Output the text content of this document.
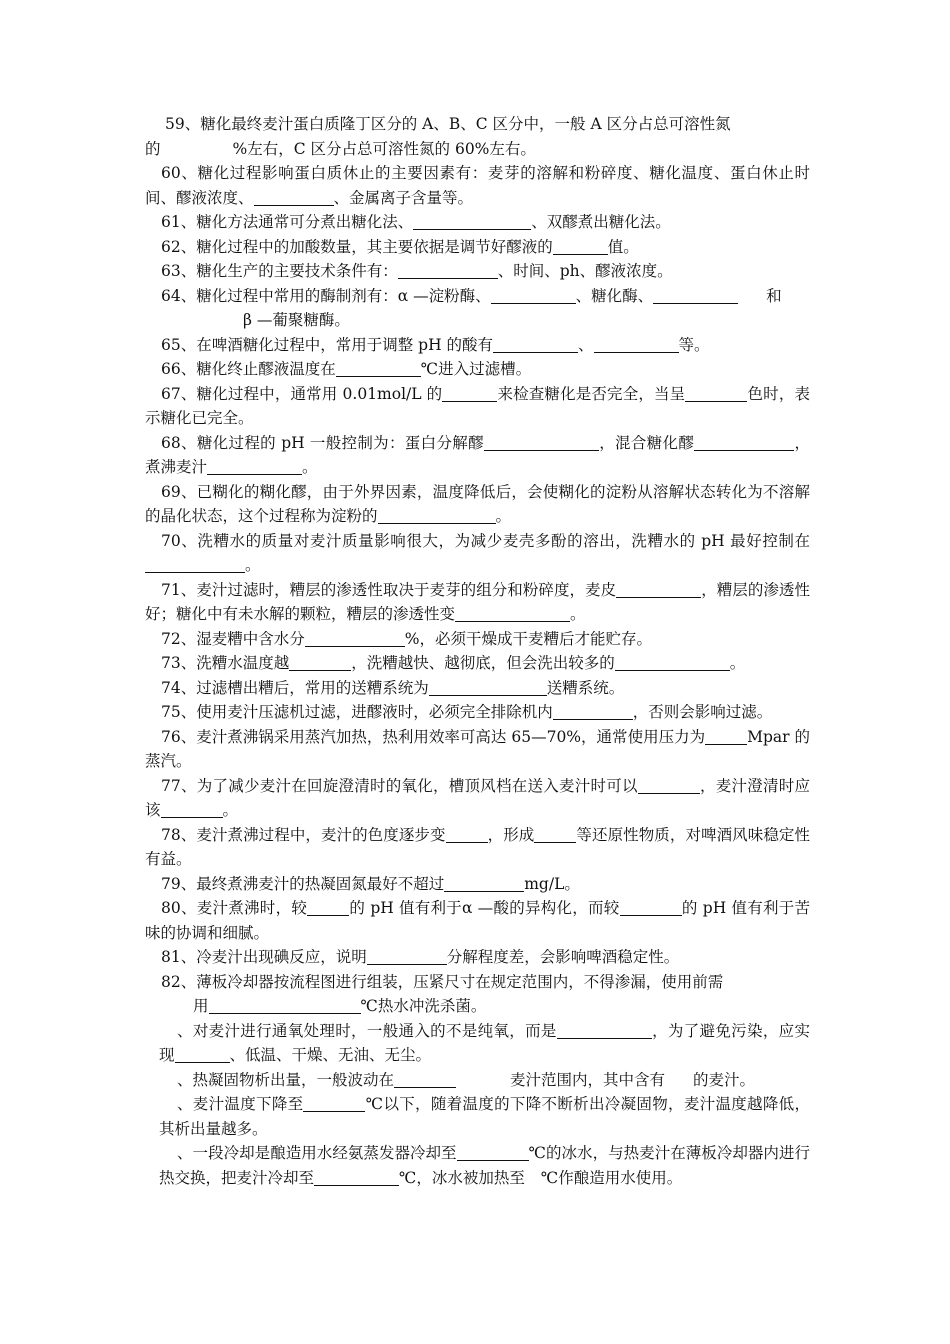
59、糖化最终麦汁蛋白质隆丁区分的 A、B、C 区分中，一般 A 区分占总可溶性氮
的	%左右，C 区分占总可溶性氮的 60%左右。

60、糖化过程影响蛋白质休止的主要因素有：麦芽的溶解和粉碎度、糖化温度、蛋白休止时间、醪液浓度、	、金属离子含量等。

61、糖化方法通常可分煮出糖化法、	、双醪煮出糖化法。

62、糖化过程中的加酸数量，其主要依据是调节好醪液的	值。

63、糖化生产的主要技术条件有：	、时间、ph、醪液浓度。

64、糖化过程中常用的酶制剂有：α —淀粉酶、	、糖化酶、	和
β —葡聚糖酶。

65、在啤酒糖化过程中，常用于调整 pH 的酸有	、	等。

66、糖化终止醪液温度在	℃进入过滤槽。

67、糖化过程中，通常用 0.01mol/L 的	来检查糖化是否完全，当呈	色时，表示糖化已完全。

68、糖化过程的 pH 一般控制为：蛋白分解醪	，混合糖化醪	，煮沸麦汁	。

69、已糊化的糊化醪，由于外界因素，温度降低后，会使糊化的淀粉从溶解状态转化为不溶解的晶化状态，这个过程称为淀粉的	。

70、洗糟水的质量对麦汁质量影响很大，为减少麦壳多酚的溶出，洗糟水的 pH 最好控制在。

71、麦汁过滤时，糟层的渗透性取决于麦芽的组分和粉碎度，麦皮	，糟层的渗透性好；糖化中有未水解的颗粒，糟层的渗透性变	。

72、湿麦糟中含水分	%，必须干燥成干麦糟后才能贮存。

73、洗糟水温度越	，洗糟越快、越彻底，但会洗出较多的	。

74、过滤槽出糟后，常用的送糟系统为	送糟系统。

75、使用麦汁压滤机过滤，进醪液时，必须完全排除机内	，否则会影响过滤。

76、麦汁煮沸锅采用蒸汽加热，热利用效率可高达 65—70%，通常使用压力为	Mpar 的蒸汽。

77、为了减少麦汁在回旋澄清时的氧化，槽顶风档在送入麦汁时可以	，麦汁澄清时应该	。

78、麦汁煮沸过程中，麦汁的色度逐步变	，形成	等还原性物质，对啤酒风味稳定性有益。

79、最终煮沸麦汁的热凝固氮最好不超过	mg/L。

80、麦汁煮沸时，较	的 pH 值有利于α —酸的异构化，而较	的 pH 值有利于苦味的协调和细腻。

81、冷麦汁出现碘反应，说明	分解程度差，会影响啤酒稳定性。

82、薄板冷却器按流程图进行组装，压紧尺寸在规定范围内，不得渗漏，使用前需
用	℃热水冲洗杀菌。

、对麦汁进行通氧处理时，一般通入的不是纯氧，而是	，为了避免污染，应实现	、低温、干燥、无油、无尘。

、热凝固物析出量，一般波动在	麦汁范围内，其中含有 的麦汁。

、麦汁温度下降至	℃以下，随着温度的下降不断析出冷凝固物，麦汁温度越降低，其析出量越多。

、一段冷却是酿造用水经氨蒸发器冷却至	℃的冰水，与热麦汁在薄板冷却器内进行热交换，把麦汁冷却至	℃，冰水被加热至 ℃作酿造用水使用。
